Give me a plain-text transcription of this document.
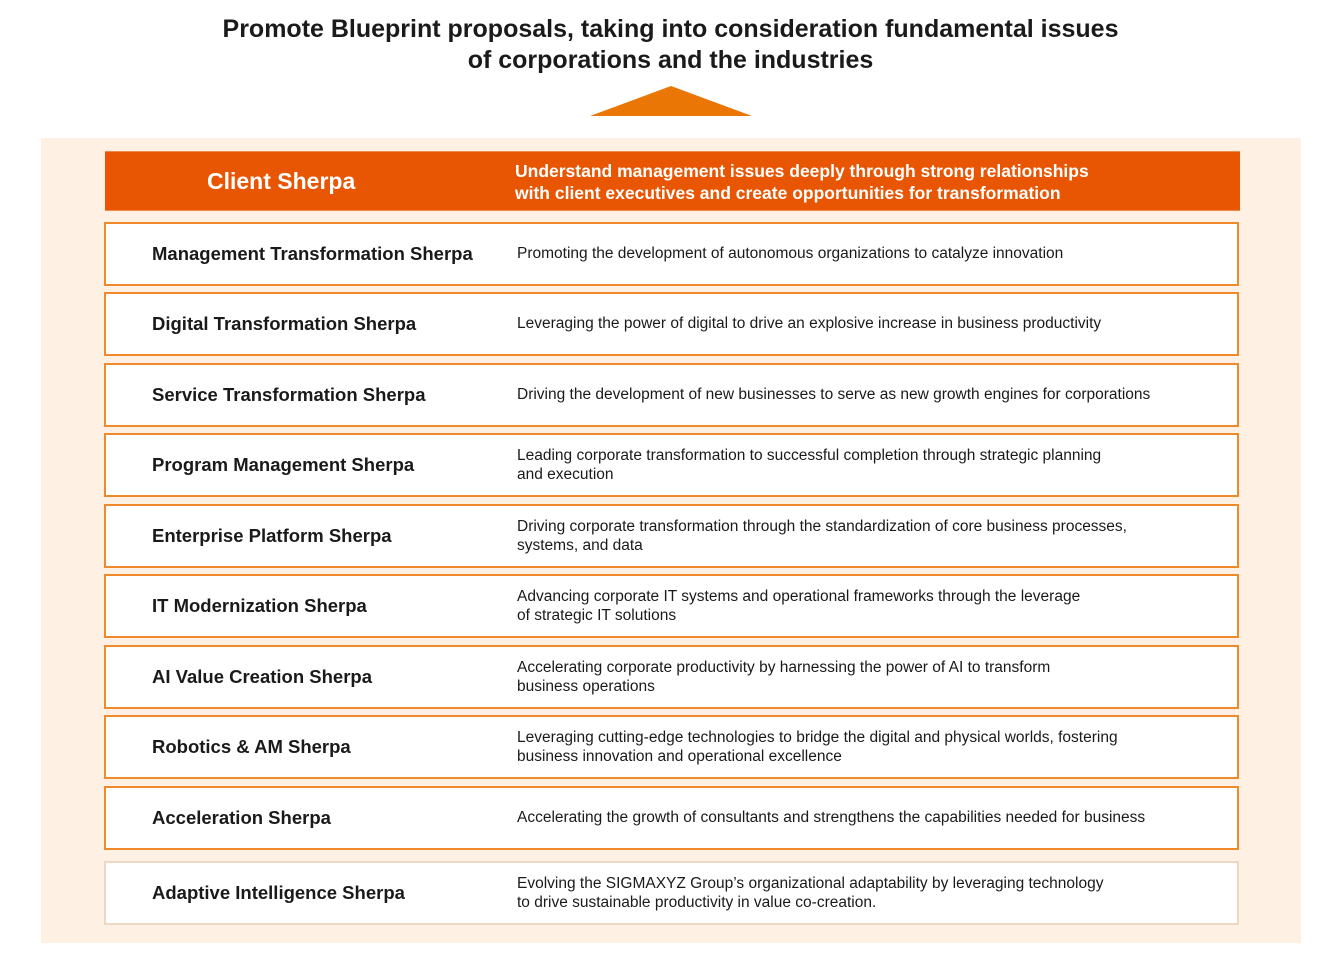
Promote Blueprint proposals, taking into consideration fundamental issues
of corporations and the industries
Client Sherpa	Understand management issues deeply through strong relationships
with client executives and create opportunities for transformation
Management Transformation Sherpa	Promoting the development of autonomous organizations to catalyze innovation
Digital Transformation Sherpa	Leveraging the power of digital to drive an explosive increase in business productivity
Service Transformation Sherpa	Driving the development of new businesses to serve as new growth engines for corporations
Program Management Sherpa	Leading corporate transformation to successful completion through strategic planning
and execution
Enterprise Platform Sherpa	Driving corporate transformation through the standardization of core business processes,
systems, and data
IT Modernization Sherpa	Advancing corporate IT systems and operational frameworks through the leverage
of strategic IT solutions
AI Value Creation Sherpa	Accelerating corporate productivity by harnessing the power of AI to transform
business operations
Robotics & AM Sherpa	Leveraging cutting-edge technologies to bridge the digital and physical worlds, fostering
business innovation and operational excellence
Acceleration Sherpa	Accelerating the growth of consultants and strengthens the capabilities needed for business
Adaptive Intelligence Sherpa	Evolving the SIGMAXYZ Group’s organizational adaptability by leveraging technology
to drive sustainable productivity in value co-creation.
